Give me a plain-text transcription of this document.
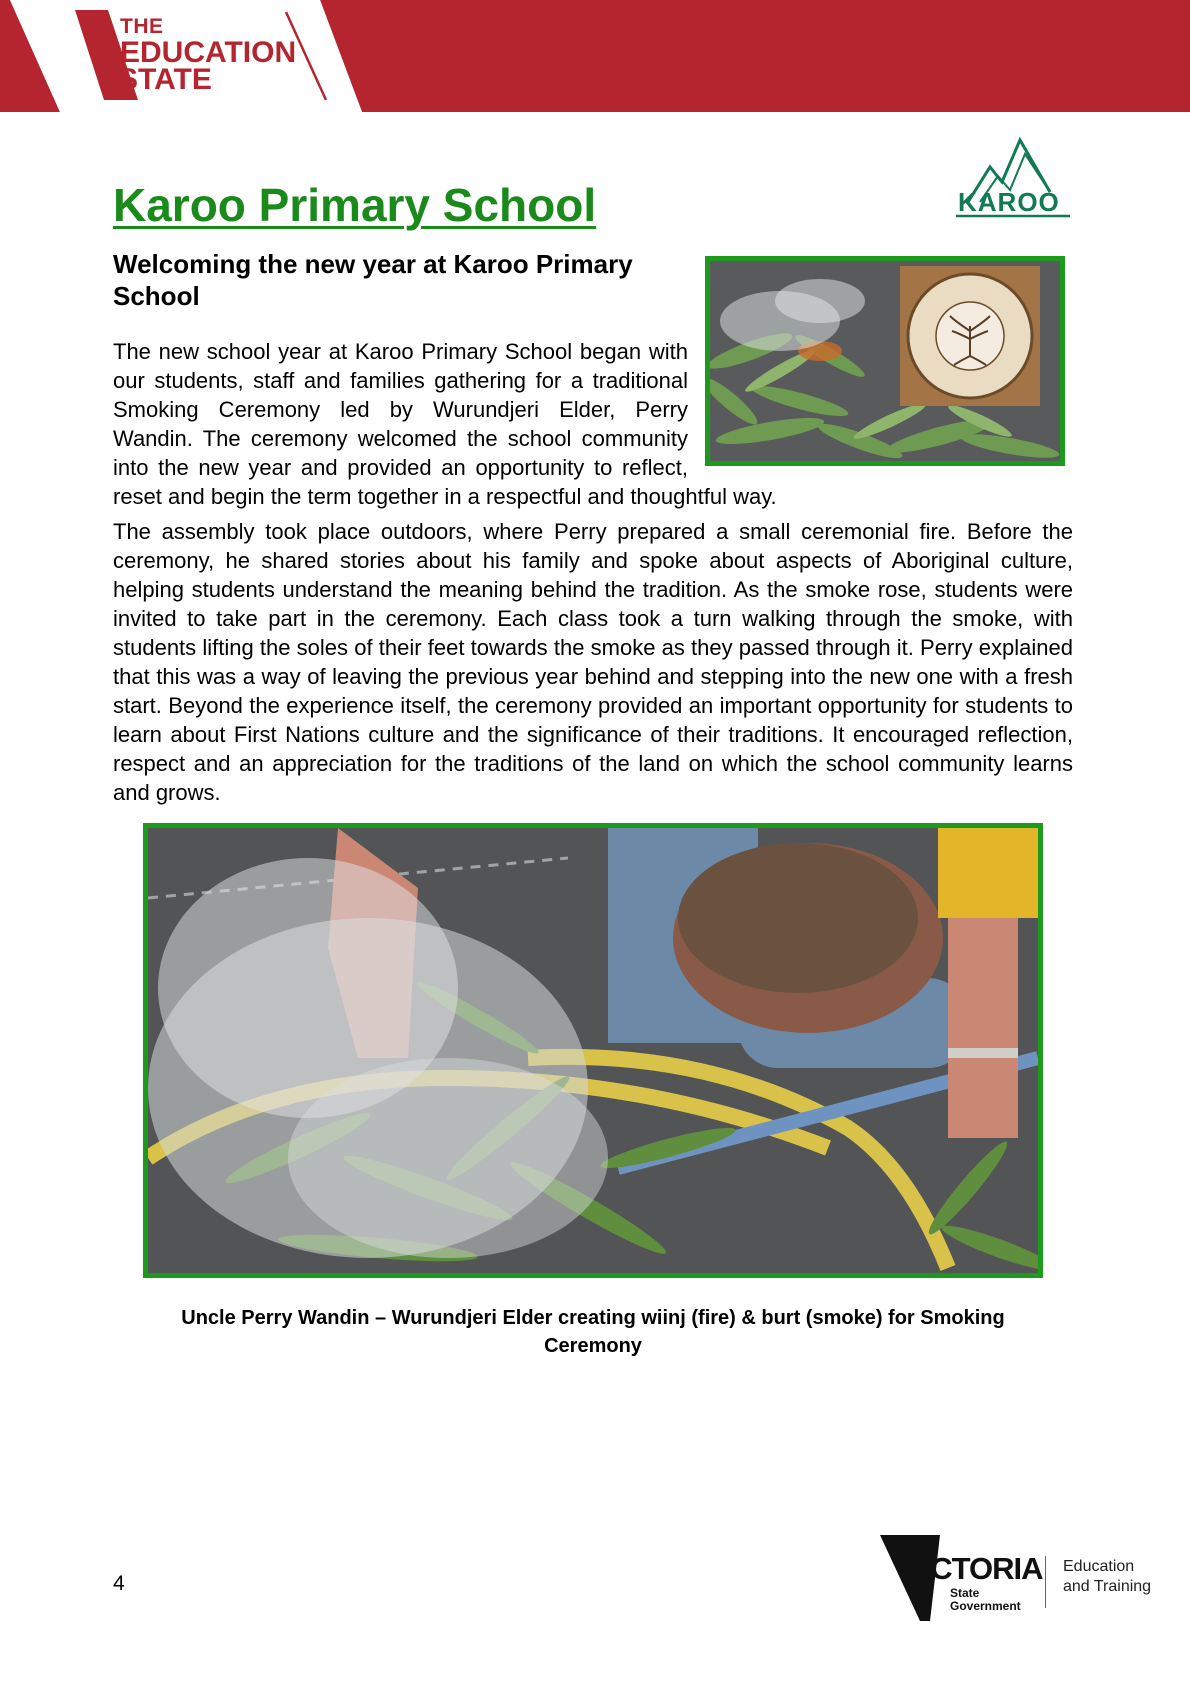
THE
EDUCATION
STATE
Karoo Primary School	KAROO
Welcoming the new year at Karoo Primary School
The new school year at Karoo Primary School began with our students, staff and families gathering for a traditional Smoking Ceremony led by Wurundjeri Elder, Perry Wandin. The ceremony welcomed the school community into the new year and provided an opportunity to reflect, reset and begin the term together in a respectful and thoughtful way.

The assembly took place outdoors, where Perry prepared a small ceremonial fire. Before the ceremony, he shared stories about his family and spoke about aspects of Aboriginal culture, helping students understand the meaning behind the tradition. As the smoke rose, students were invited to take part in the ceremony. Each class took a turn walking through the smoke, with students lifting the soles of their feet towards the smoke as they passed through it. Perry explained that this was a way of leaving the previous year behind and stepping into the new one with a fresh start. Beyond the experience itself, the ceremony provided an important opportunity for students to learn about First Nations culture and the significance of their traditions. It encouraged reflection, respect and an appreciation for the traditions of the land on which the school community learns and grows.

Uncle Perry Wandin – Wurundjeri Elder creating wiinj (fire) & burt (smoke) for Smoking Ceremony
4	VICTORIA
State
Government
Education
and Training
